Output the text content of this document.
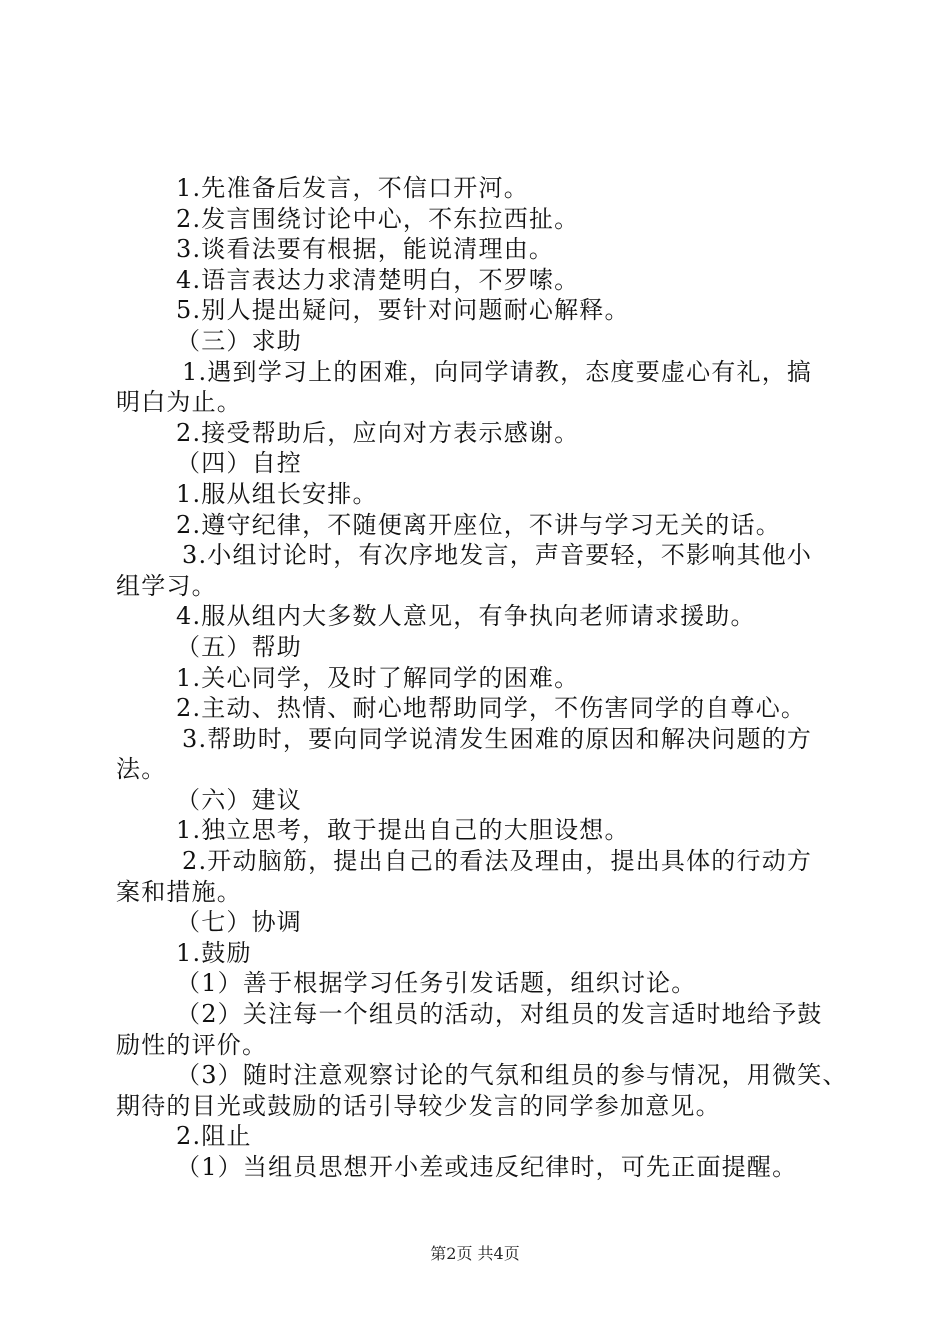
1.先准备后发言，不信口开河。
2.发言围绕讨论中心，不东拉西扯。
3.谈看法要有根据，能说清理由。
4.语言表达力求清楚明白，不罗嗦。
5.别人提出疑问，要针对问题耐心解释。
（三）求助
1.遇到学习上的困难，向同学请教，态度要虚心有礼，搞
明白为止。
2.接受帮助后，应向对方表示感谢。
（四）自控
1.服从组长安排。
2.遵守纪律，不随便离开座位，不讲与学习无关的话。
3.小组讨论时，有次序地发言，声音要轻，不影响其他小
组学习。
4.服从组内大多数人意见，有争执向老师请求援助。
（五）帮助
1.关心同学，及时了解同学的困难。
2.主动、热情、耐心地帮助同学，不伤害同学的自尊心。
3.帮助时，要向同学说清发生困难的原因和解决问题的方
法。
（六）建议
1.独立思考，敢于提出自己的大胆设想。
2.开动脑筋，提出自己的看法及理由，提出具体的行动方
案和措施。
（七）协调
1.鼓励
（1）善于根据学习任务引发话题，组织讨论。
（2）关注每一个组员的活动，对组员的发言适时地给予鼓
励性的评价。
（3）随时注意观察讨论的气氛和组员的参与情况，用微笑、
期待的目光或鼓励的话引导较少发言的同学参加意见。
2.阻止
（1）当组员思想开小差或违反纪律时，可先正面提醒。
第2页 共4页
